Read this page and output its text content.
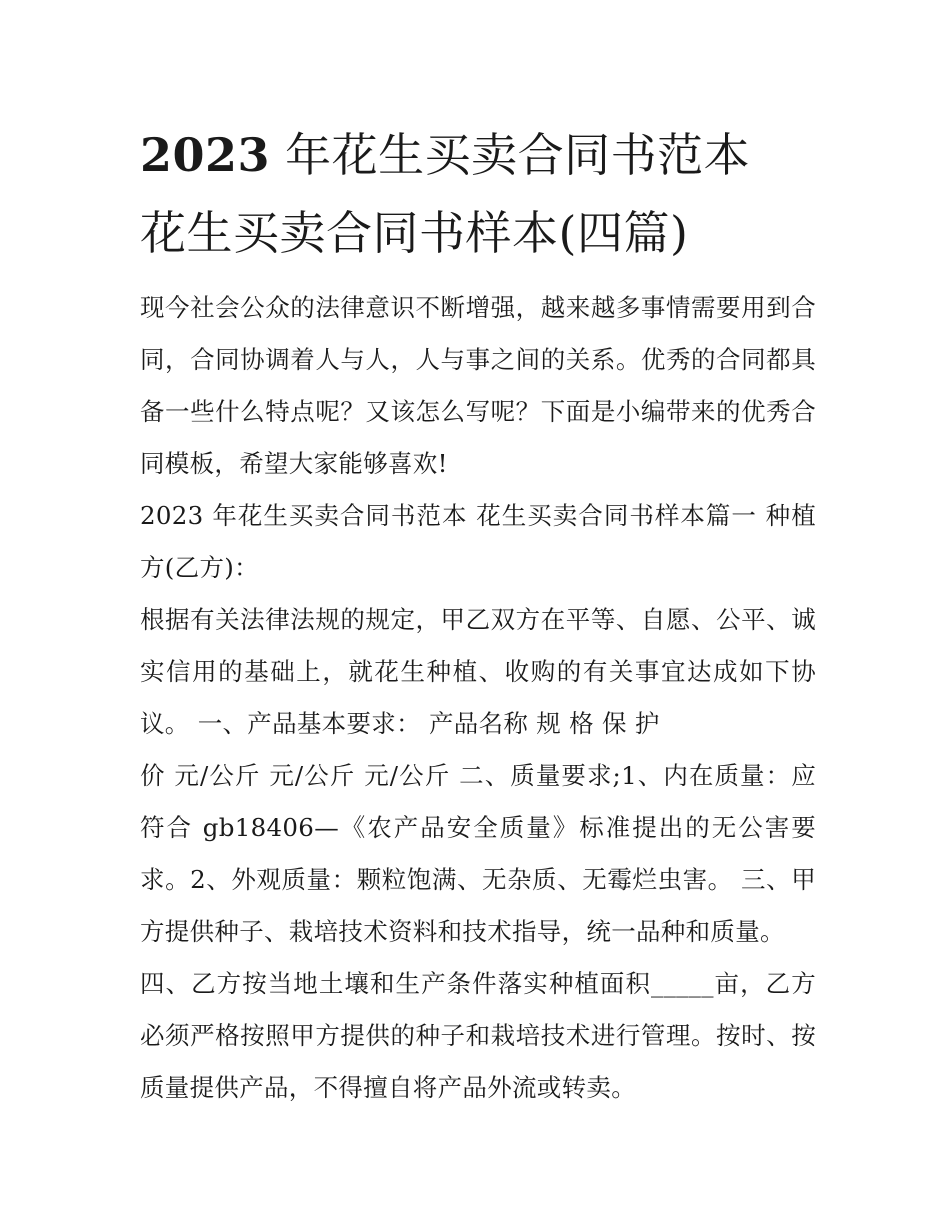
2023 年花生买卖合同书范本
花生买卖合同书样本(四篇)

现今社会公众的法律意识不断增强，越来越多事情需要用到合同，合同协调着人与人，人与事之间的关系。优秀的合同都具备一些什么特点呢？又该怎么写呢？下面是小编带来的优秀合同模板，希望大家能够喜欢!

2023 年花生买卖合同书范本 花生买卖合同书样本篇一 种植方(乙方)：

根据有关法律法规的规定，甲乙双方在平等、自愿、公平、诚实信用的基础上，就花生种植、收购的有关事宜达成如下协议。 一、产品基本要求： 产品名称 规 格 保 护

价 元/公斤 元/公斤 元/公斤 二、质量要求;1、内在质量：应符合 gb18406—《农产品安全质量》标准提出的无公害要求。2、外观质量：颗粒饱满、无杂质、无霉烂虫害。 三、甲方提供种子、栽培技术资料和技术指导，统一品种和质量。

四、乙方按当地土壤和生产条件落实种植面积_____亩，乙方必须严格按照甲方提供的种子和栽培技术进行管理。按时、按质量提供产品，不得擅自将产品外流或转卖。
